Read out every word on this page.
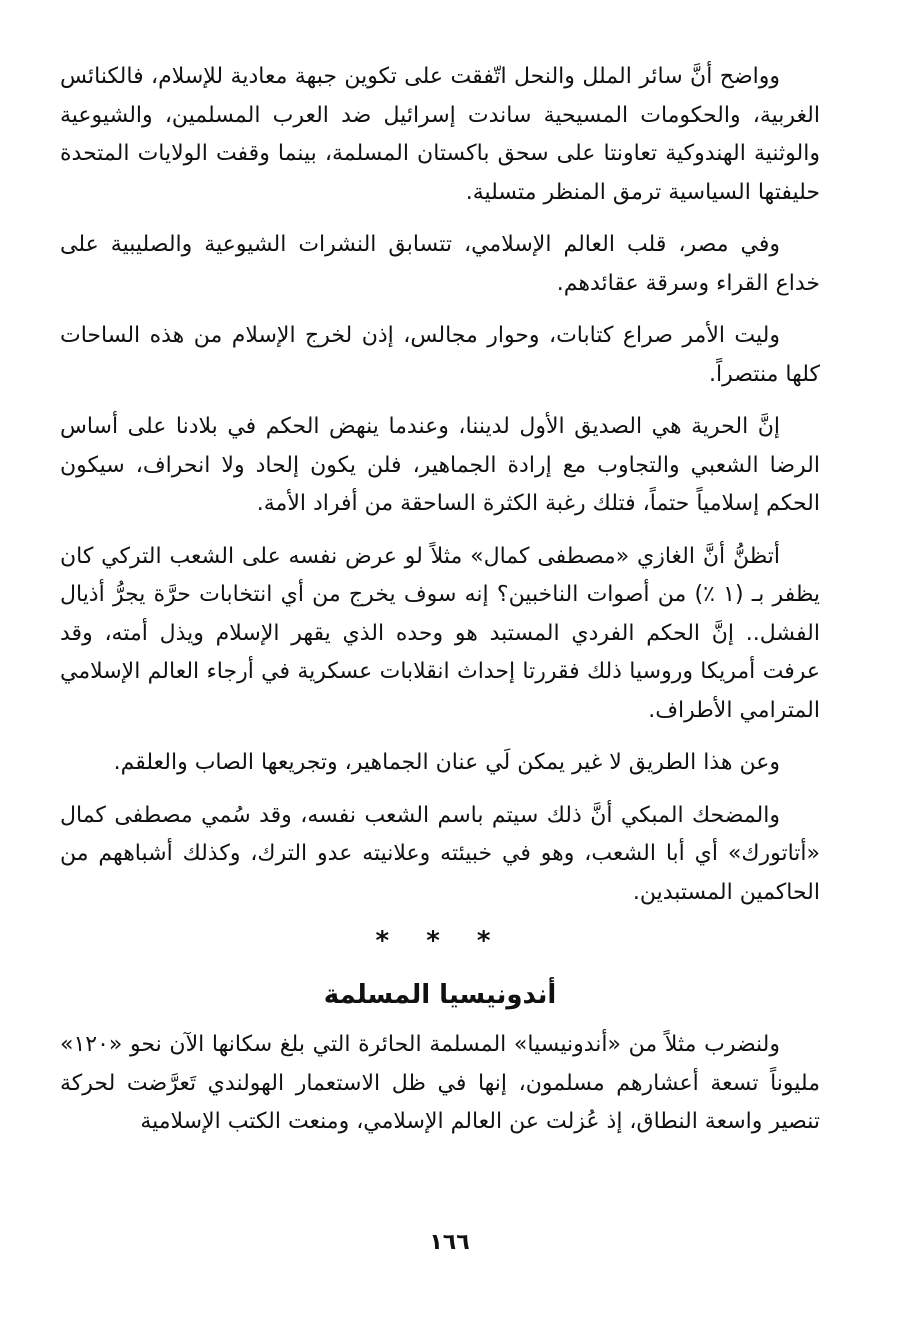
وواضح أنَّ سائر الملل والنحل اتّفقت على تكوين جبهة معادية للإسلام، فالكنائس الغربية، والحكومات المسيحية ساندت إسرائيل ضد العرب المسلمين، والشيوعية والوثنية الهندوكية تعاونتا على سحق باكستان المسلمة، بينما وقفت الولايات المتحدة حليفتها السياسية ترمق المنظر متسلية.

وفي مصر، قلب العالم الإسلامي، تتسابق النشرات الشيوعية والصليبية على خداع القراء وسرقة عقائدهم.

وليت الأمر صراع كتابات، وحوار مجالس، إذن لخرج الإسلام من هذه الساحات كلها منتصراً.

إنَّ الحرية هي الصديق الأول لديننا، وعندما ينهض الحكم في بلادنا على أساس الرضا الشعبي والتجاوب مع إرادة الجماهير، فلن يكون إلحاد ولا انحراف، سيكون الحكم إسلامياً حتماً، فتلك رغبة الكثرة الساحقة من أفراد الأمة.

أتظنُّ أنَّ الغازي «مصطفى كمال» مثلاً لو عرض نفسه على الشعب التركي كان يظفر بـ (١ ٪) من أصوات الناخبين؟ إنه سوف يخرج من أي انتخابات حرَّة يجرُّ أذيال الفشل.. إنَّ الحكم الفردي المستبد هو وحده الذي يقهر الإسلام ويذل أمته، وقد عرفت أمريكا وروسيا ذلك فقررتا إحداث انقلابات عسكرية في أرجاء العالم الإسلامي المترامي الأطراف.

وعن هذا الطريق لا غير يمكن لَي عنان الجماهير، وتجريعها الصاب والعلقم.

والمضحك المبكي أنَّ ذلك سيتم باسم الشعب نفسه، وقد سُمي مصطفى كمال «أتاتورك» أي أبا الشعب، وهو في خبيئته وعلانيته عدو الترك، وكذلك أشباههم من الحاكمين المستبدين.

* * *
أندونيسيا المسلمة

ولنضرب مثلاً من «أندونيسيا» المسلمة الحائرة التي بلغ سكانها الآن نحو «١٢٠» مليوناً تسعة أعشارهم مسلمون، إنها في ظل الاستعمار الهولندي تَعرَّضت لحركة تنصير واسعة النطاق، إذ عُزلت عن العالم الإسلامي، ومنعت الكتب الإسلامية

١٦٦
